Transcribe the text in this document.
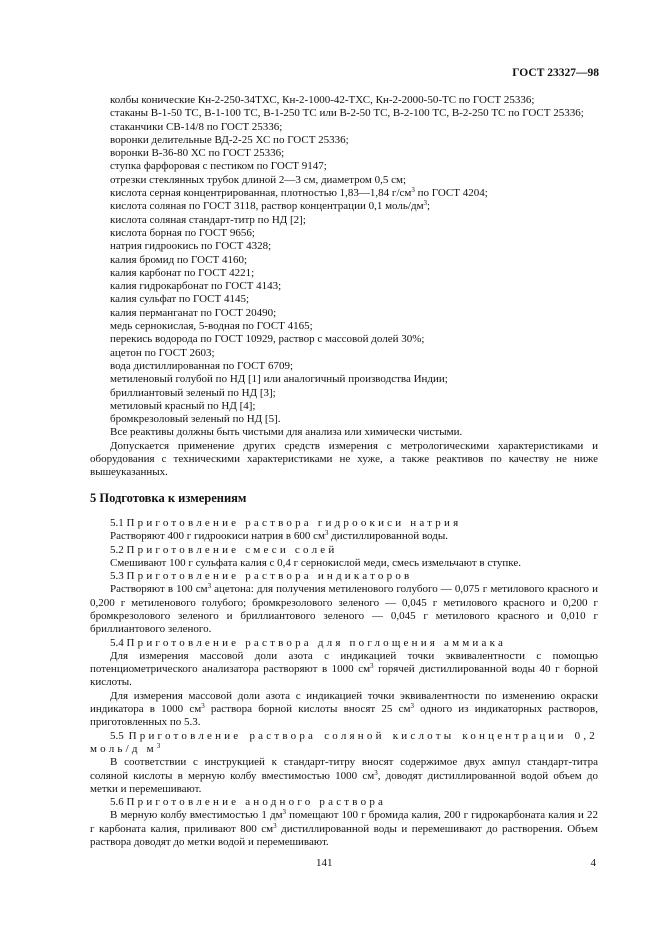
ГОСТ 23327—98

колбы конические Кн-2-250-34ТХС, Кн-2-1000-42-ТХС, Кн-2-2000-50-ТС по ГОСТ 25336;

стаканы В-1-50 ТС, В-1-100 ТС, В-1-250 ТС или В-2-50 ТС, В-2-100 ТС, В-2-250 ТС по ГОСТ 25336;

стаканчики СВ-14/8 по ГОСТ 25336;

воронки делительные ВД-2-25 ХС по ГОСТ 25336;

воронки В-36-80 ХС по ГОСТ 25336;

ступка фарфоровая с пестиком по ГОСТ 9147;

отрезки стеклянных трубок длиной 2—3 см, диаметром 0,5 см;

кислота серная концентрированная, плотностью 1,83—1,84 $г/см^3$ по ГОСТ 4204;

кислота соляная по ГОСТ 3118, раствор концентрации 0,1 моль/$дм^3$;

кислота соляная стандарт-титр по НД [2];

кислота борная по ГОСТ 9656;

натрия гидроокись по ГОСТ 4328;

калия бромид по ГОСТ 4160;

калия карбонат по ГОСТ 4221;

калия гидрокарбонат по ГОСТ 4143;

калия сульфат по ГОСТ 4145;

калия перманганат по ГОСТ 20490;

медь сернокислая, 5-водная по ГОСТ 4165;

перекись водорода по ГОСТ 10929, раствор с массовой долей 30%;

ацетон по ГОСТ 2603;

вода дистиллированная по ГОСТ 6709;

метиленовый голубой по НД [1] или аналогичный производства Индии;

бриллиантовый зеленый по НД [3];

метиловый красный по НД [4];

бромкрезоловый зеленый по НД [5].

Все реактивы должны быть чистыми для анализа или химически чистыми.

Допускается применение других средств измерения с метрологическими характеристиками и оборудования с техническими характеристиками не хуже, а также реактивов по качеству не ниже вышеуказанных.

5 Подготовка к измерениям

5.1 Приготовление раствора гидроокиси натрия

Растворяют 400 г гидроокиси натрия в 600 $см^3$ дистиллированной воды.

5.2 Приготовление смеси солей

Смешивают 100 г сульфата калия с 0,4 г сернокислой меди, смесь измельчают в ступке.

5.3 Приготовление раствора индикаторов

Растворяют в 100 $см^3$ ацетона: для получения метиленового голубого — 0,075 г метилового красного и 0,200 г метиленового голубого; бромкрезолового зеленого — 0,045 г метилового красного и 0,200 г бромкрезолового зеленого и бриллиантового зеленого — 0,045 г метилового красного и 0,010 г бриллиантового зеленого.

5.4 Приготовление раствора для поглощения аммиака

Для измерения массовой доли азота с индикацией точки эквивалентности с помощью потенциометрического анализатора растворяют в 1000 $см^3$ горячей дистиллированной воды 40 г борной кислоты.

Для измерения массовой доли азота с индикацией точки эквивалентности по изменению окраски индикатора в 1000 $см^3$ раствора борной кислоты вносят 25 $см^3$ одного из индикаторных растворов, приготовленных по 5.3.

5.5 Приготовление раствора соляной кислоты концентрации 0,2 моль/д $м^3$

В соответствии с инструкцией к стандарт-титру вносят содержимое двух ампул стандарт-титра соляной кислоты в мерную колбу вместимостью 1000 $см^3$, доводят дистиллированной водой объем до метки и перемешивают.

5.6 Приготовление анодного раствора

В мерную колбу вместимостью 1 $дм^3$ помещают 100 г бромида калия, 200 г гидрокарбоната калия и 22 г карбоната калия, приливают 800 $см^3$ дистиллированной воды и перемешивают до растворения. Объем раствора доводят до метки водой и перемешивают.

141	4
